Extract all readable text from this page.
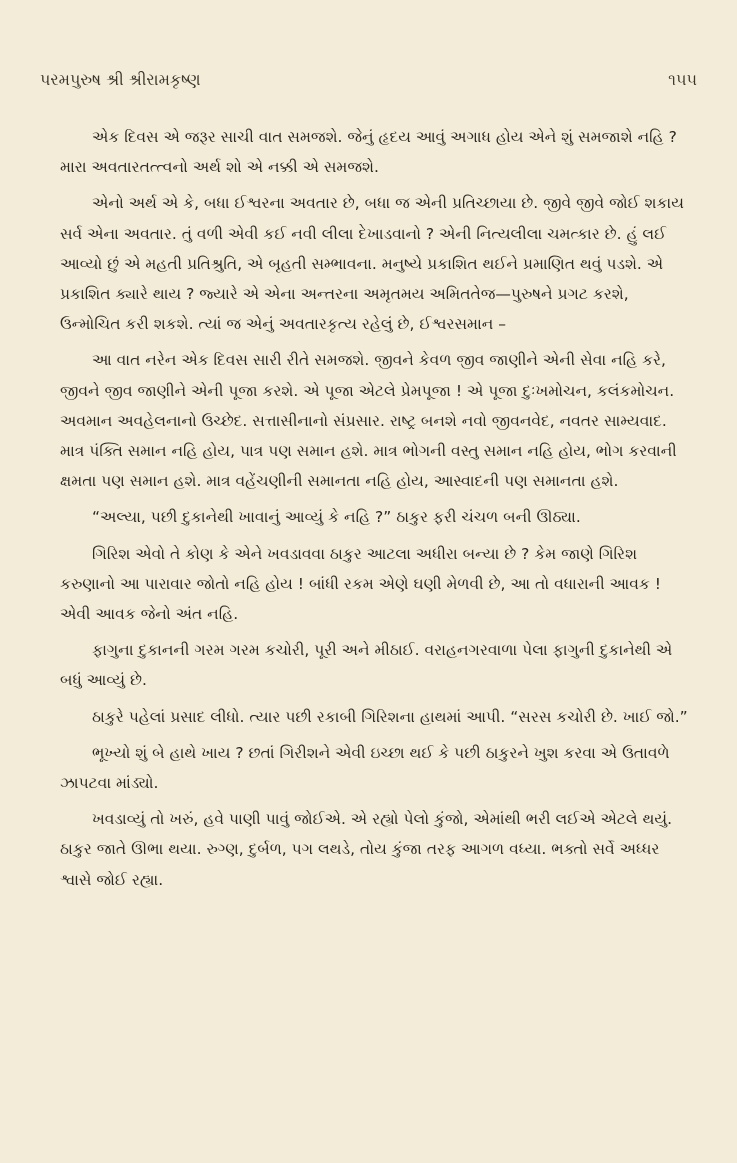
પરમપુરુષ શ્રી શ્રીરામકૃષ્ણ	૧૫૫

એક દિવસ એ જરૂર સાચી વાત સમજશે. જેનું હૃદય આવું અગાધ હોય એને શું સમજાશે નહિ ? મારા અવતારતત્ત્વનો અર્થ શો એ નક્કી એ સમજશે.

એનો અર્થ એ કે, બધા ઈશ્વરના અવતાર છે, બધા જ એની પ્રતિચ્છાયા છે. જીવે જીવે જોઈ શકાય સર્વ એના અવતાર. તું વળી એવી કઈ નવી લીલા દેખાડવાનો ? એની નિત્યલીલા ચમત્કાર છે. હું લઈ આવ્યો છું એ મહતી પ્રતિશ્રુતિ, એ બૃહતી સમ્ભાવના. મનુષ્યે પ્રકાશિત થઈને પ્રમાણિત થવું પડશે. એ પ્રકાશિત ક્યારે થાય ? જ્યારે એ એના અન્તરના અમૃતમય અમિતતેજ—પુરુષને પ્રગટ કરશે, ઉન્મોચિત કરી શકશે. ત્યાં જ એનું અવતારકૃત્ય રહેલું છે, ઈશ્વરસમાન –

આ વાત નરેન એક દિવસ સારી રીતે સમજશે. જીવને કેવળ જીવ જાણીને એની સેવા નહિ કરે, જીવને જીવ જાણીને એની પૂજા કરશે. એ પૂજા એટલે પ્રેમપૂજા ! એ પૂજા દુઃખમોચન, કલંકમોચન. અવમાન અવહેલનાનો ઉચ્છેદ. સત્તાસીનાનો સંપ્રસાર. રાષ્ટ્ર બનશે નવો જીવનવેદ, નવતર સામ્યવાદ. માત્ર પંક્તિ સમાન નહિ હોય, પાત્ર પણ સમાન હશે. માત્ર ભોગની વસ્તુ સમાન નહિ હોય, ભોગ કરવાની ક્ષમતા પણ સમાન હશે. માત્ર વહેંચણીની સમાનતા નહિ હોય, આસ્વાદની પણ સમાનતા હશે.

“અલ્યા, પછી દુકાનેથી ખાવાનું આવ્યું કે નહિ ?” ઠાકુર ફરી ચંચળ બની ઊઠ્યા.

ગિરિશ એવો તે કોણ કે એને ખવડાવવા ઠાકુર આટલા અધીરા બન્યા છે ? કેમ જાણે ગિરિશ કરુણાનો આ પારાવાર જોતો નહિ હોય ! બાંધી રકમ એણે ઘણી મેળવી છે, આ તો વધારાની આવક ! એવી આવક જેનો અંત નહિ.

ફાગુના દુકાનની ગરમ ગરમ કચોરી, પૂરી અને મીઠાઈ. વરાહનગરવાળા પેલા ફાગુની દુકાનેથી એ બધું આવ્યું છે.

ઠાકુરે પહેલાં પ્રસાદ લીધો. ત્યાર પછી રકાબી ગિરિશના હાથમાં આપી. “સરસ કચોરી છે. ખાઈ જો.”

ભૂખ્યો શું બે હાથે ખાય ? છતાં ગિરીશને એવી ઇચ્છા થઈ કે પછી ઠાકુરને ખુશ કરવા એ ઉતાવળે ઝાપટવા માંડ્યો.

ખવડાવ્યું તો ખરું, હવે પાણી પાવું જોઈએ. એ રહ્યો પેલો કુંજો, એમાંથી ભરી લઈએ એટલે થયું. ઠાકુર જાતે ઊભા થયા. રુગ્ણ, દુર્બળ, પગ લથડે, તોય કુંજા તરફ આગળ વધ્યા. ભક્તો સર્વે અધ્ધર શ્વાસે જોઈ રહ્યા.
